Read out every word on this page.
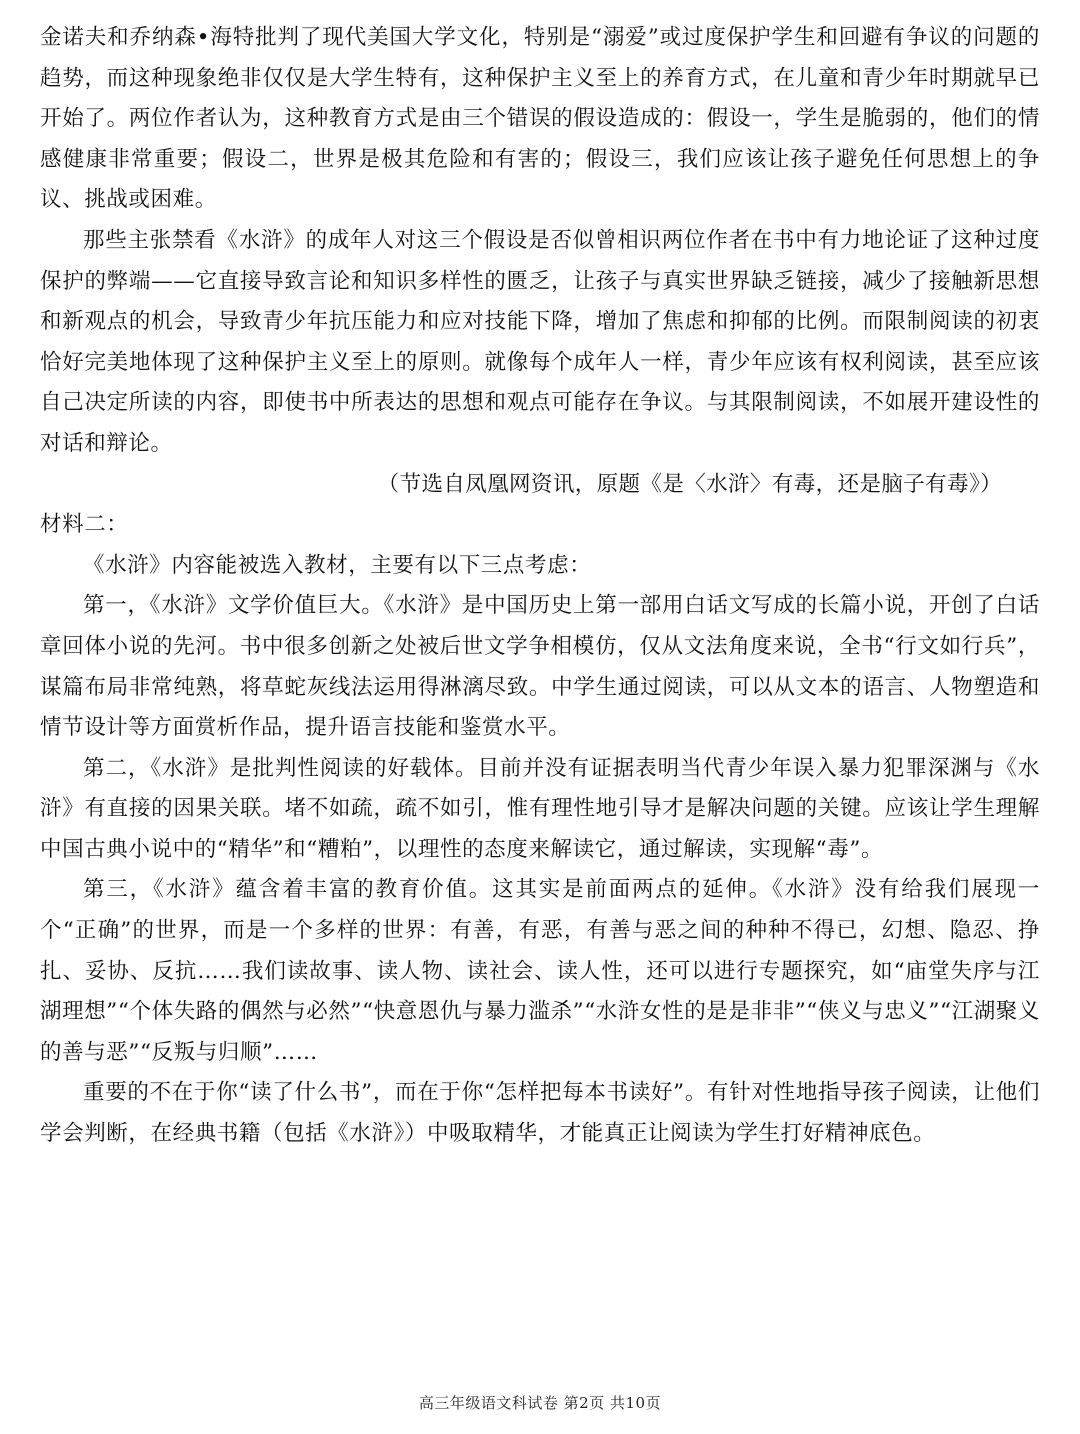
金诺夫和乔纳森•海特批判了现代美国大学文化，特别是“溺爱”或过度保护学生和回避有争议的问题的趋势，而这种现象绝非仅仅是大学生特有，这种保护主义至上的养育方式，在儿童和青少年时期就早已开始了。两位作者认为，这种教育方式是由三个错误的假设造成的：假设一，学生是脆弱的，他们的情感健康非常重要；假设二，世界是极其危险和有害的；假设三，我们应该让孩子避免任何思想上的争议、挑战或困难。

那些主张禁看《水浒》的成年人对这三个假设是否似曾相识两位作者在书中有力地论证了这种过度保护的弊端——它直接导致言论和知识多样性的匮乏，让孩子与真实世界缺乏链接，减少了接触新思想和新观点的机会，导致青少年抗压能力和应对技能下降，增加了焦虑和抑郁的比例。而限制阅读的初衷恰好完美地体现了这种保护主义至上的原则。就像每个成年人一样，青少年应该有权利阅读，甚至应该自己决定所读的内容，即使书中所表达的思想和观点可能存在争议。与其限制阅读，不如展开建设性的对话和辩论。

（节选自凤凰网资讯，原题《是〈水浒〉有毒，还是脑子有毒》）

材料二：

《水浒》内容能被选入教材，主要有以下三点考虑：

第一，《水浒》文学价值巨大。《水浒》是中国历史上第一部用白话文写成的长篇小说，开创了白话章回体小说的先河。书中很多创新之处被后世文学争相模仿，仅从文法角度来说，全书“行文如行兵”，谋篇布局非常纯熟，将草蛇灰线法运用得淋漓尽致。中学生通过阅读，可以从文本的语言、人物塑造和情节设计等方面赏析作品，提升语言技能和鉴赏水平。

第二，《水浒》是批判性阅读的好载体。目前并没有证据表明当代青少年误入暴力犯罪深渊与《水浒》有直接的因果关联。堵不如疏，疏不如引，惟有理性地引导才是解决问题的关键。应该让学生理解中国古典小说中的“精华”和“糟粕”，以理性的态度来解读它，通过解读，实现解“毒”。

第三，《水浒》蕴含着丰富的教育价值。这其实是前面两点的延伸。《水浒》没有给我们展现一个“正确”的世界，而是一个多样的世界：有善，有恶，有善与恶之间的种种不得已，幻想、隐忍、挣扎、妥协、反抗……我们读故事、读人物、读社会、读人性，还可以进行专题探究，如“庙堂失序与江湖理想”“个体失路的偶然与必然”“快意恩仇与暴力滥杀”“水浒女性的是是非非”“侠义与忠义”“江湖聚义的善与恶”“反叛与归顺”……

重要的不在于你“读了什么书”，而在于你“怎样把每本书读好”。有针对性地指导孩子阅读，让他们学会判断，在经典书籍（包括《水浒》）中吸取精华，才能真正让阅读为学生打好精神底色。

高三年级语文科试卷 第2页 共10页
